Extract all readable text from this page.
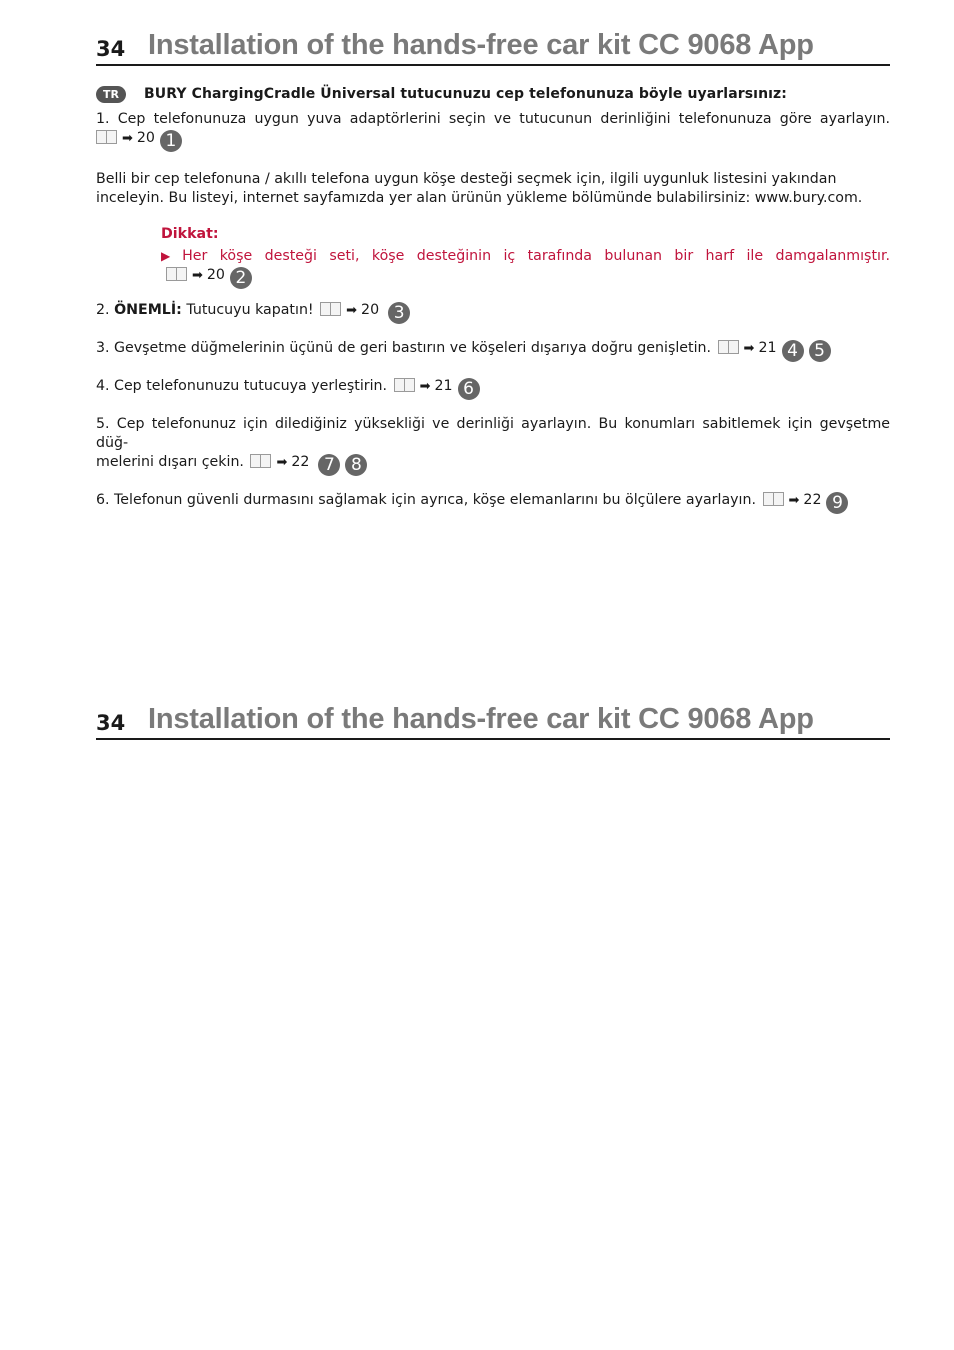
34 Installation of the hands-free car kit CC 9068 App
TR	BURY ChargingCradle Üniversal tutucunuzu cep telefonunuza böyle uyarlarsınız:

1. Cep telefonunuza uygun yuva adaptörlerini seçin ve tutucunun derinliğini telefonunuza göre ayarlayın.

➡ 20 1

Belli bir cep telefonuna / akıllı telefona uygun köşe desteği seçmek için, ilgili uygunluk listesini yakından inceleyin. Bu listeyi, internet sayfamızda yer alan ürünün yükleme bölümünde bulabilirsiniz: www.bury.com.

Dikkat:

▶ Her köşe desteği seti, köşe desteğinin iç tarafında bulunan bir harf ile damgalanmıştır.

➡ 20 2
2. ÖNEMLİ: Tutucuyu kapatın!	➡ 20 3
3. Gevşetme düğmelerinin üçünü de geri bastırın ve köşeleri dışarıya doğru genişletin.	➡ 21 4 5
4. Cep telefonunuzu tutucuya yerleştirin.	➡ 21 6

5. Cep telefonunuz için dilediğiniz yüksekliği ve derinliği ayarlayın. Bu konumları sabitlemek için gevşetme düğ-

melerini dışarı çekin.	➡ 22 7 8
6. Telefonun güvenli durmasını sağlamak için ayrıca, köşe elemanlarını bu ölçülere ayarlayın.	➡ 22 9
34 Installation of the hands-free car kit CC 9068 App
